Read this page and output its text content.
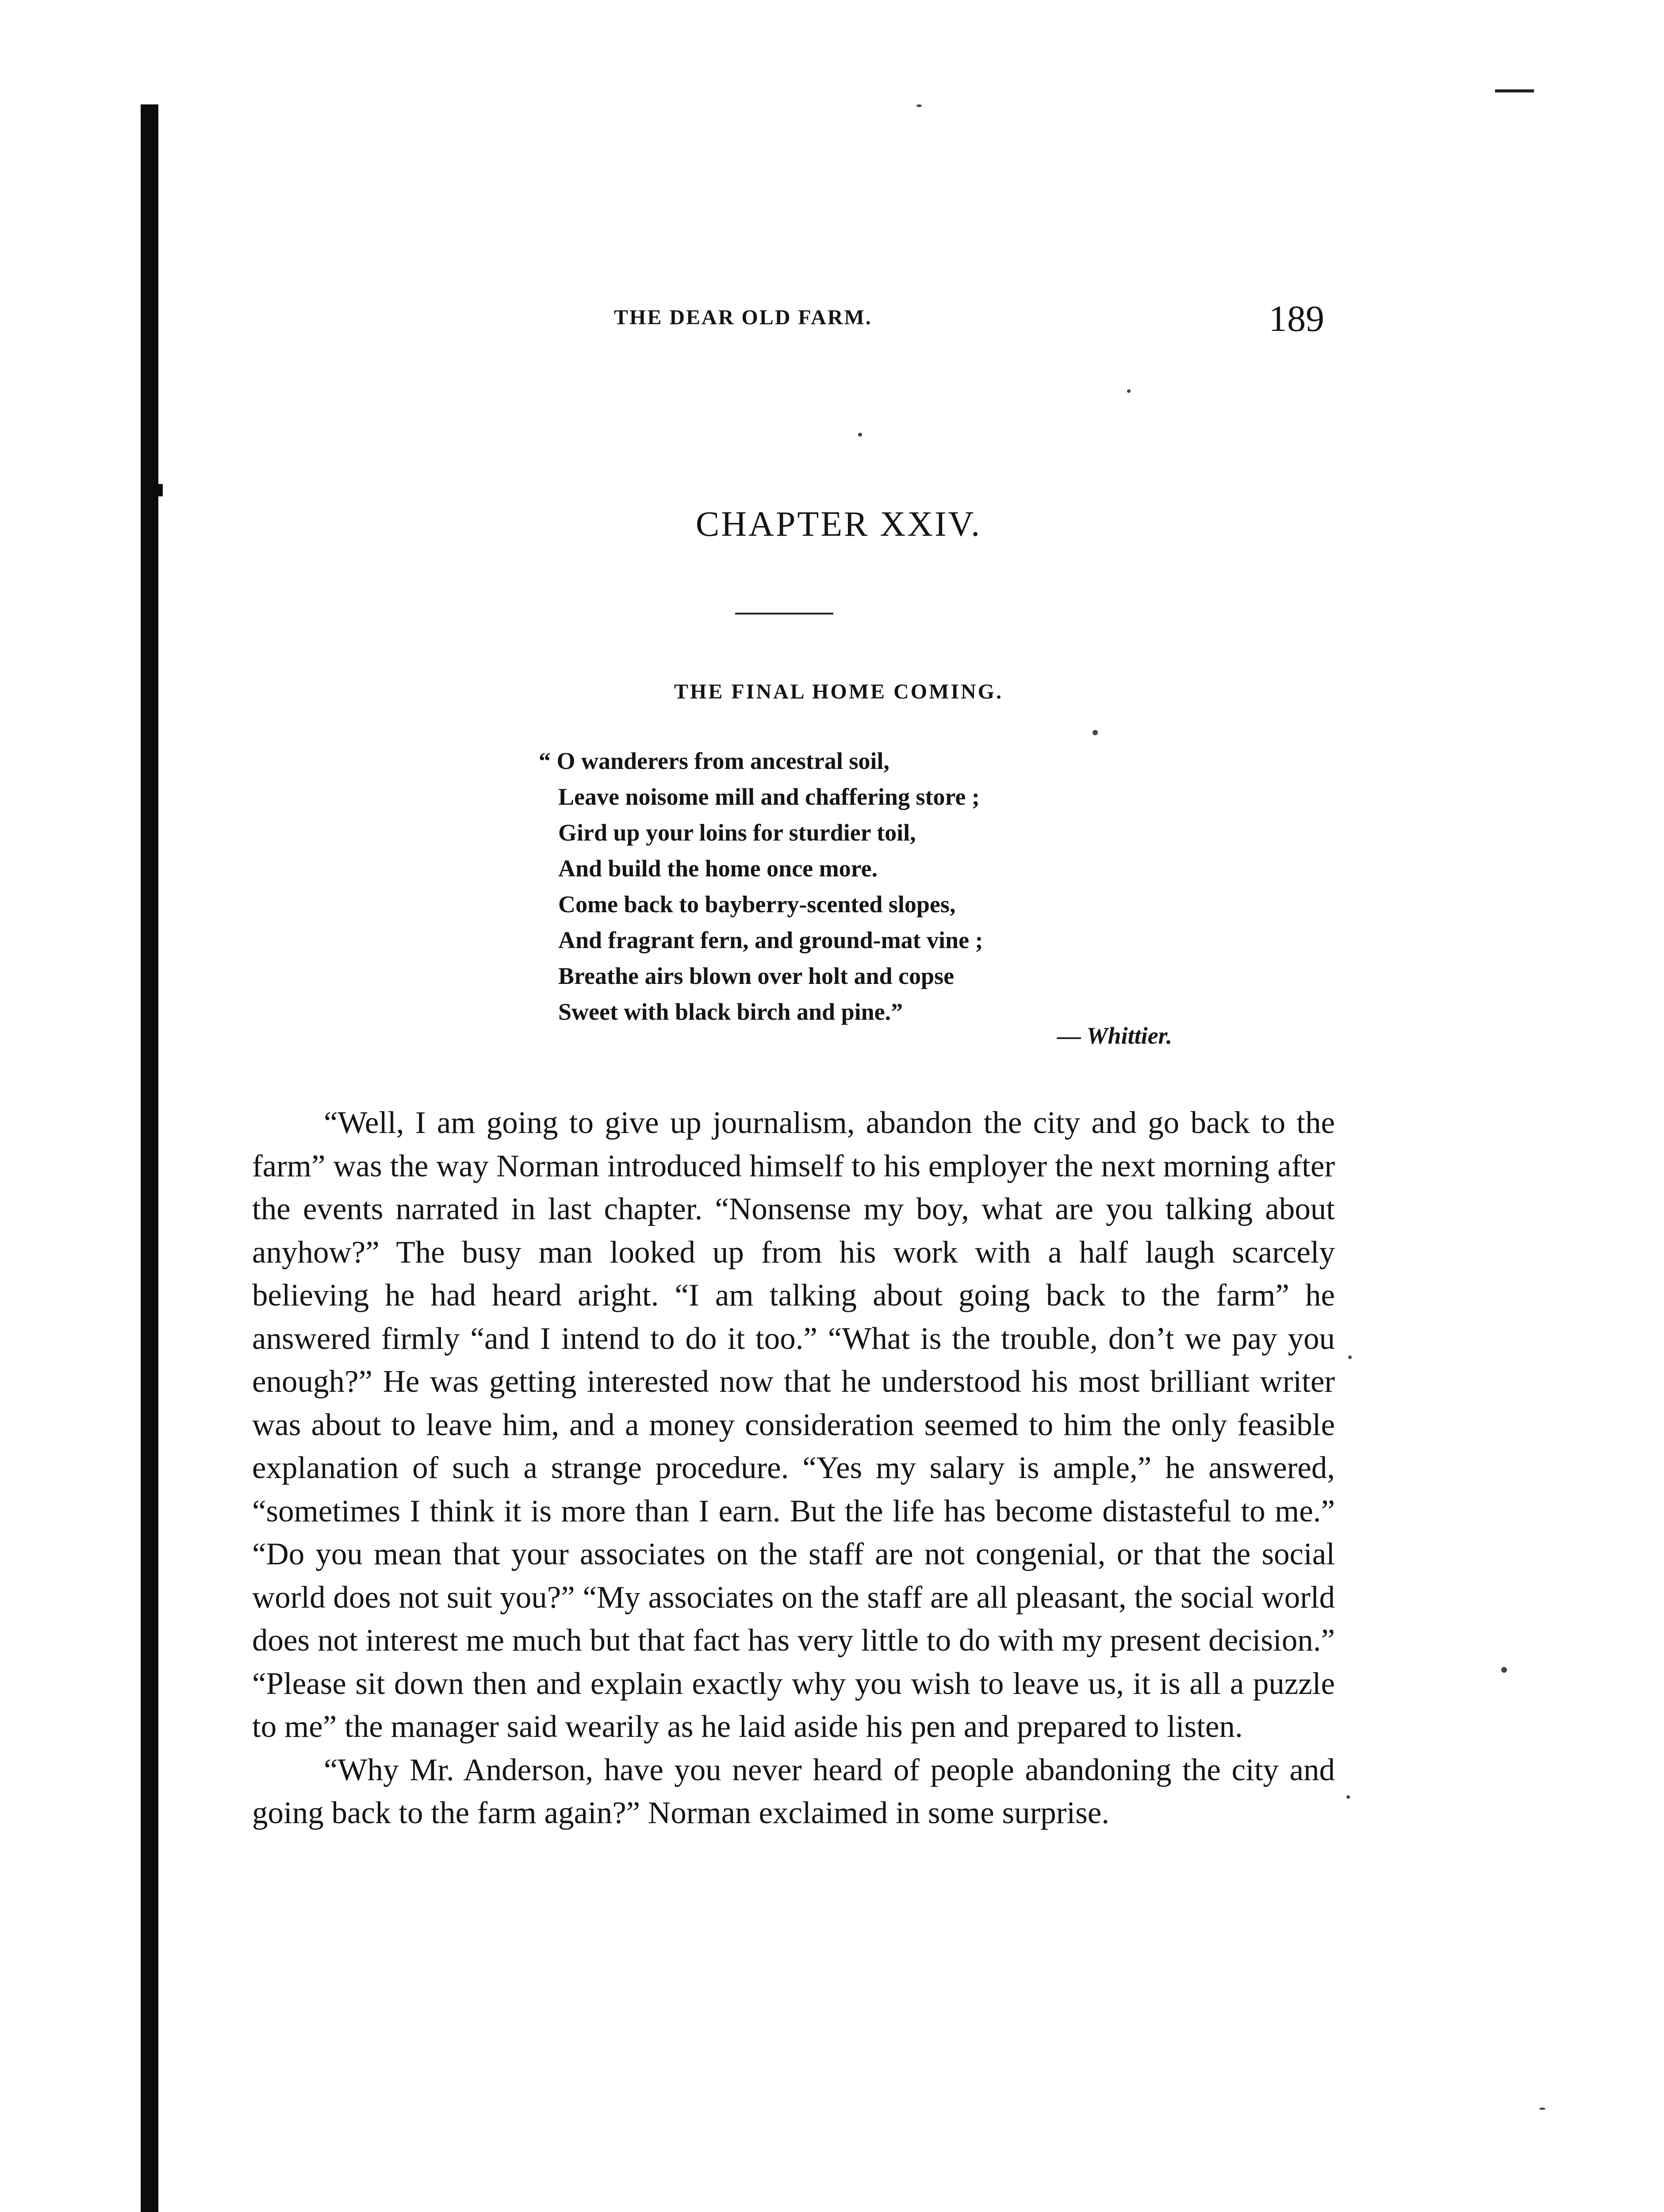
THE DEAR OLD FARM.	189
CHAPTER XXIV.
THE FINAL HOME COMING.
“ O wanderers from ancestral soil,
Leave noisome mill and chaffering store ;
Gird up your loins for sturdier toil,
And build the home once more.
Come back to bayberry-scented slopes,
And fragrant fern, and ground-mat vine ;
Breathe airs blown over holt and copse
Sweet with black birch and pine.”
— Whittier.

“Well, I am going to give up journalism, abandon the city and go back to the farm” was the way Norman introduced himself to his employer the next morning after the events narrated in last chapter. “Nonsense my boy, what are you talking about anyhow?” The busy man looked up from his work with a half laugh scarcely believing he had heard aright. “I am talking about going back to the farm” he answered firmly “and I intend to do it too.” “What is the trouble, don’t we pay you enough?” He was getting interested now that he understood his most brilliant writer was about to leave him, and a money consideration seemed to him the only feasible explanation of such a strange procedure. “Yes my salary is ample,” he answered, “sometimes I think it is more than I earn. But the life has become distasteful to me.” “Do you mean that your associates on the staff are not congenial, or that the social world does not suit you?” “My associates on the staff are all pleasant, the social world does not interest me much but that fact has very little to do with my present decision.” “Please sit down then and explain exactly why you wish to leave us, it is all a puzzle to me” the manager said wearily as he laid aside his pen and prepared to listen.

“Why Mr. Anderson, have you never heard of people abandoning the city and going back to the farm again?” Norman exclaimed in some surprise.
